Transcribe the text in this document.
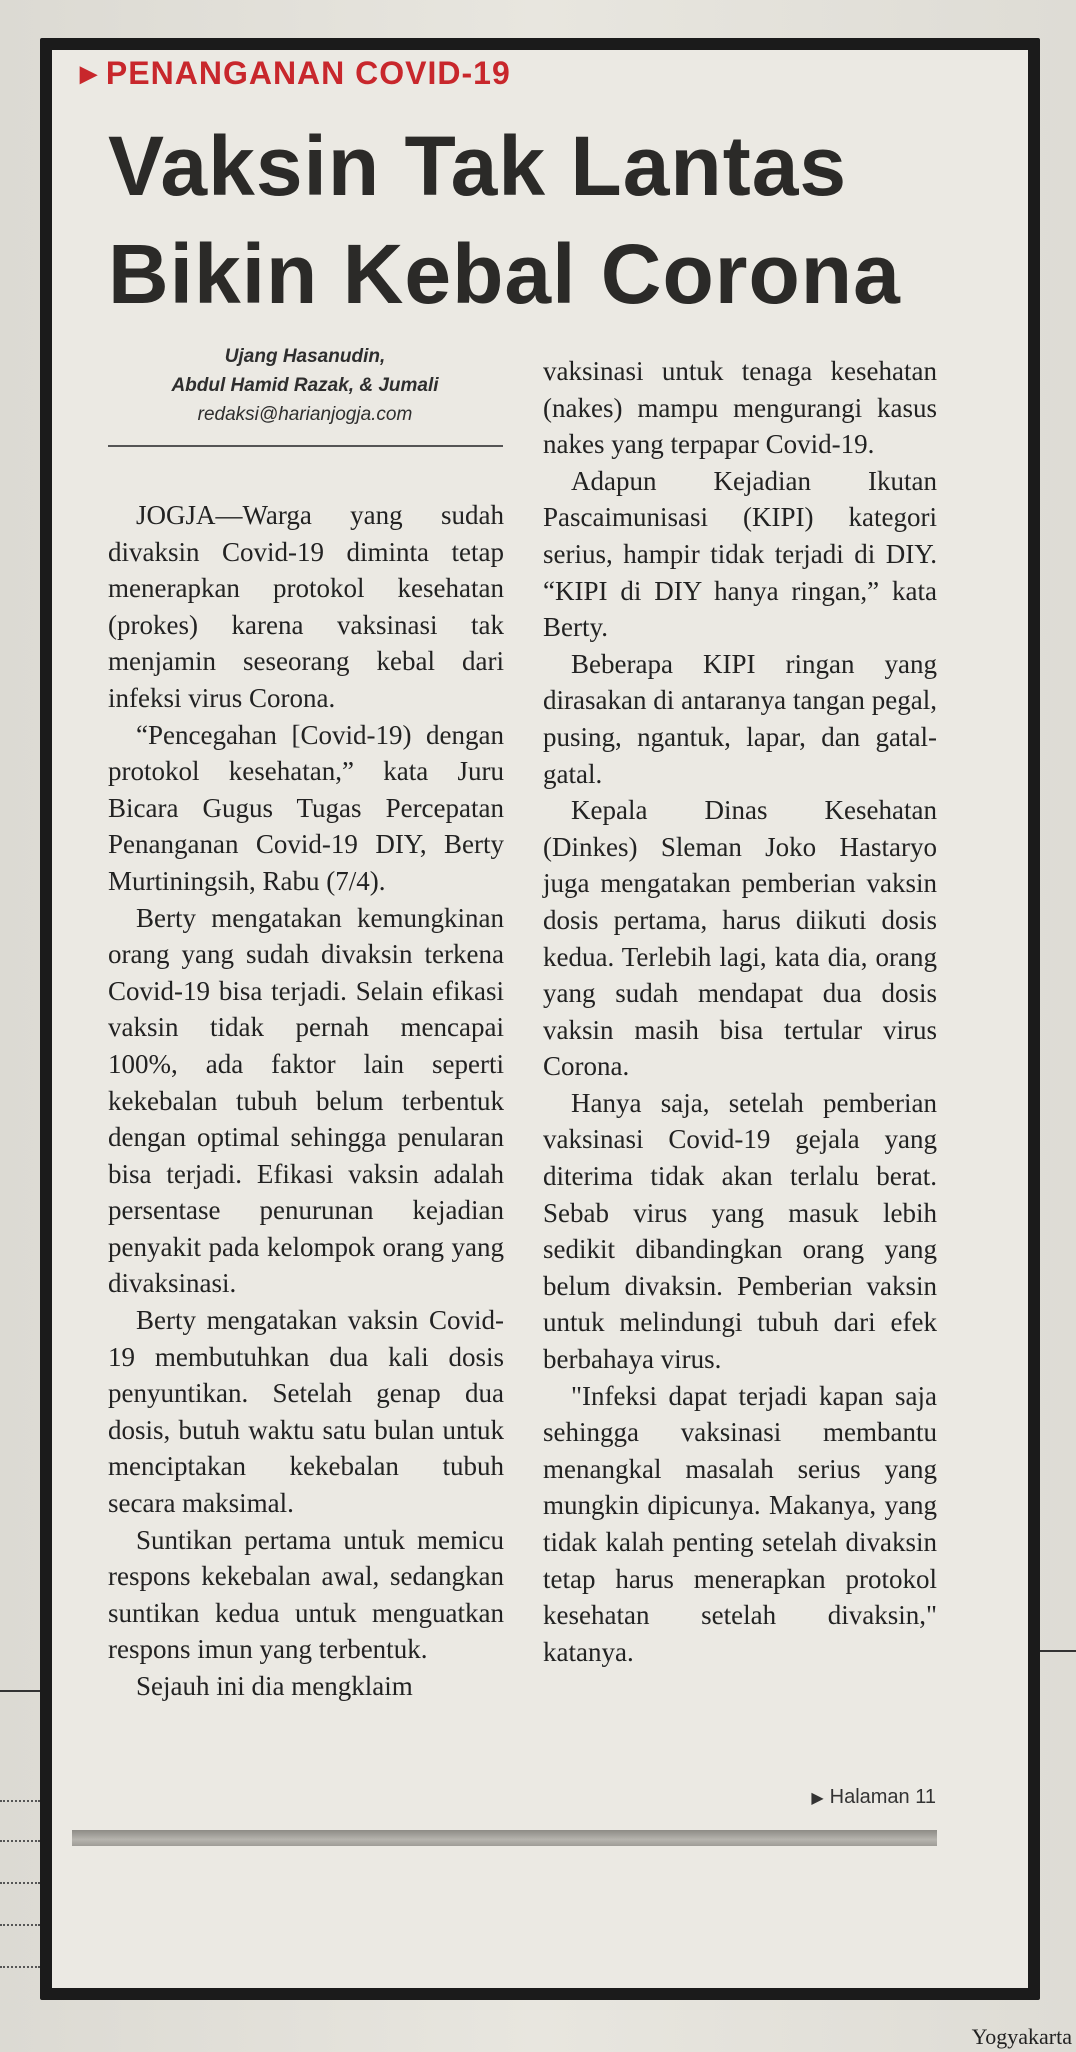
▶ PENANGANAN COVID-19
Vaksin Tak Lantas
Bikin Kebal Corona
Ujang Hasanudin,
Abdul Hamid Razak, & Jumali
redaksi@harianjogja.com

JOGJA—Warga yang sudah divaksin Covid-19 diminta tetap menerapkan protokol kesehatan (prokes) karena vaksinasi tak menjamin seseorang kebal dari infeksi virus Corona.

“Pencegahan [Covid-19) dengan protokol kesehatan,” kata Juru Bicara Gugus Tugas Percepatan Penanganan Covid-19 DIY, Berty Murtiningsih, Rabu (7/4).

Berty mengatakan kemungkinan orang yang sudah divaksin terkena Covid-19 bisa terjadi. Selain efikasi vaksin tidak pernah mencapai 100%, ada faktor lain seperti kekebalan tubuh belum terbentuk dengan optimal sehingga penularan bisa terjadi. Efikasi vaksin adalah persentase penurunan kejadian penyakit pada kelompok orang yang divaksinasi.

Berty mengatakan vaksin Covid-19 membutuhkan dua kali dosis penyuntikan. Setelah genap dua dosis, butuh waktu satu bulan untuk menciptakan kekebalan tubuh secara maksimal.

Suntikan pertama untuk memicu respons kekebalan awal, sedangkan suntikan kedua untuk menguatkan respons imun yang terbentuk.

Sejauh ini dia mengklaim

vaksinasi untuk tenaga kesehatan (nakes) mampu mengurangi kasus nakes yang terpapar Covid-19.

Adapun Kejadian Ikutan Pascaimunisasi (KIPI) kategori serius, hampir tidak terjadi di DIY. “KIPI di DIY hanya ringan,” kata Berty.

Beberapa KIPI ringan yang dirasakan di antaranya tangan pegal, pusing, ngantuk, lapar, dan gatal-gatal.

Kepala Dinas Kesehatan (Dinkes) Sleman Joko Hastaryo juga mengatakan pemberian vaksin dosis pertama, harus diikuti dosis kedua. Terlebih lagi, kata dia, orang yang sudah mendapat dua dosis vaksin masih bisa tertular virus Corona.

Hanya saja, setelah pemberian vaksinasi Covid-19 gejala yang diterima tidak akan terlalu berat. Sebab virus yang masuk lebih sedikit dibandingkan orang yang belum divaksin. Pemberian vaksin untuk melindungi tubuh dari efek berbahaya virus.

"Infeksi dapat terjadi kapan saja sehingga vaksinasi membantu menangkal masalah serius yang mungkin dipicunya. Makanya, yang tidak kalah penting setelah divaksin tetap harus menerapkan protokol kesehatan setelah divaksin," katanya.

▶ Halaman 11
Yogyakarta
